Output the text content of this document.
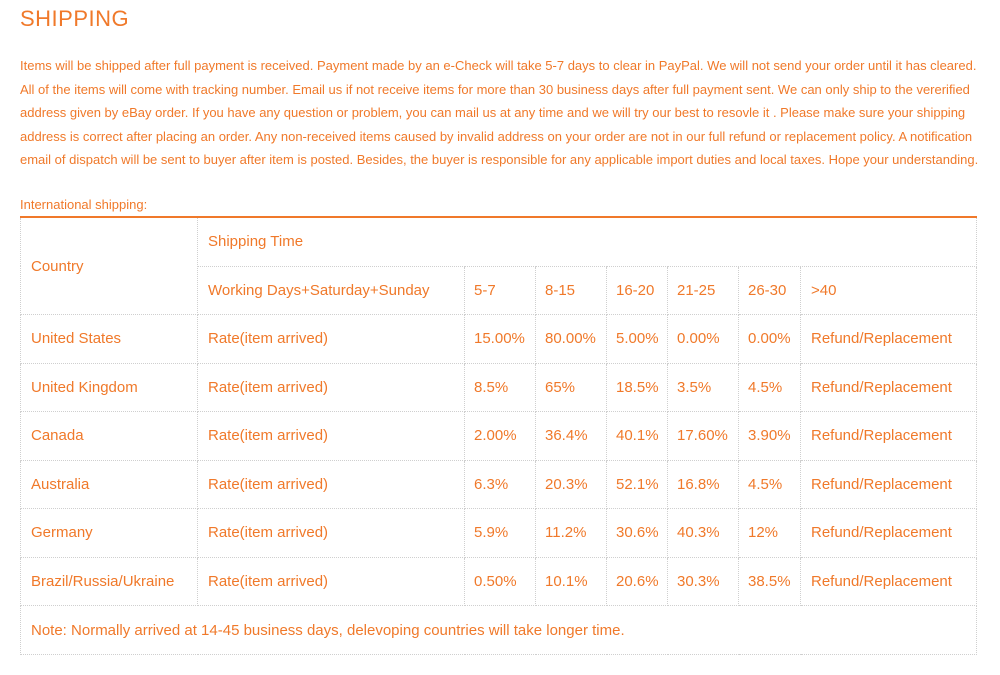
SHIPPING

Items will be shipped after full payment is received. Payment made by an e-Check will take 5-7 days to clear in PayPal. We will not send your order until it has cleared. All of the items will come with tracking number. Email us if not receive items for more than 30 business days after full payment sent. We can only ship to the vererified address given by eBay order. If you have any question or problem, you can mail us at any time and we will try our best to resovle it . Please make sure your shipping address is correct after placing an order. Any non-received items caused by invalid address on your order are not in our full refund or replacement policy. A notification email of dispatch will be sent to buyer after item is posted. Besides, the buyer is responsible for any applicable import duties and local taxes. Hope your understanding.

International shipping:

Country	Shipping Time						
	Working Days+Saturday+Sunday	5-7	8-15	16-20	21-25	26-30	>40
United States	Rate(item arrived)	15.00%	80.00%	5.00%	0.00%	0.00%	Refund/Replacement
United Kingdom	Rate(item arrived)	8.5%	65%	18.5%	3.5%	4.5%	Refund/Replacement
Canada	Rate(item arrived)	2.00%	36.4%	40.1%	17.60%	3.90%	Refund/Replacement
Australia	Rate(item arrived)	6.3%	20.3%	52.1%	16.8%	4.5%	Refund/Replacement
Germany	Rate(item arrived)	5.9%	11.2%	30.6%	40.3%	12%	Refund/Replacement
Brazil/Russia/Ukraine	Rate(item arrived)	0.50%	10.1%	20.6%	30.3%	38.5%	Refund/Replacement
Note: Normally arrived at 14-45 business days, delevoping countries will take longer time.							
